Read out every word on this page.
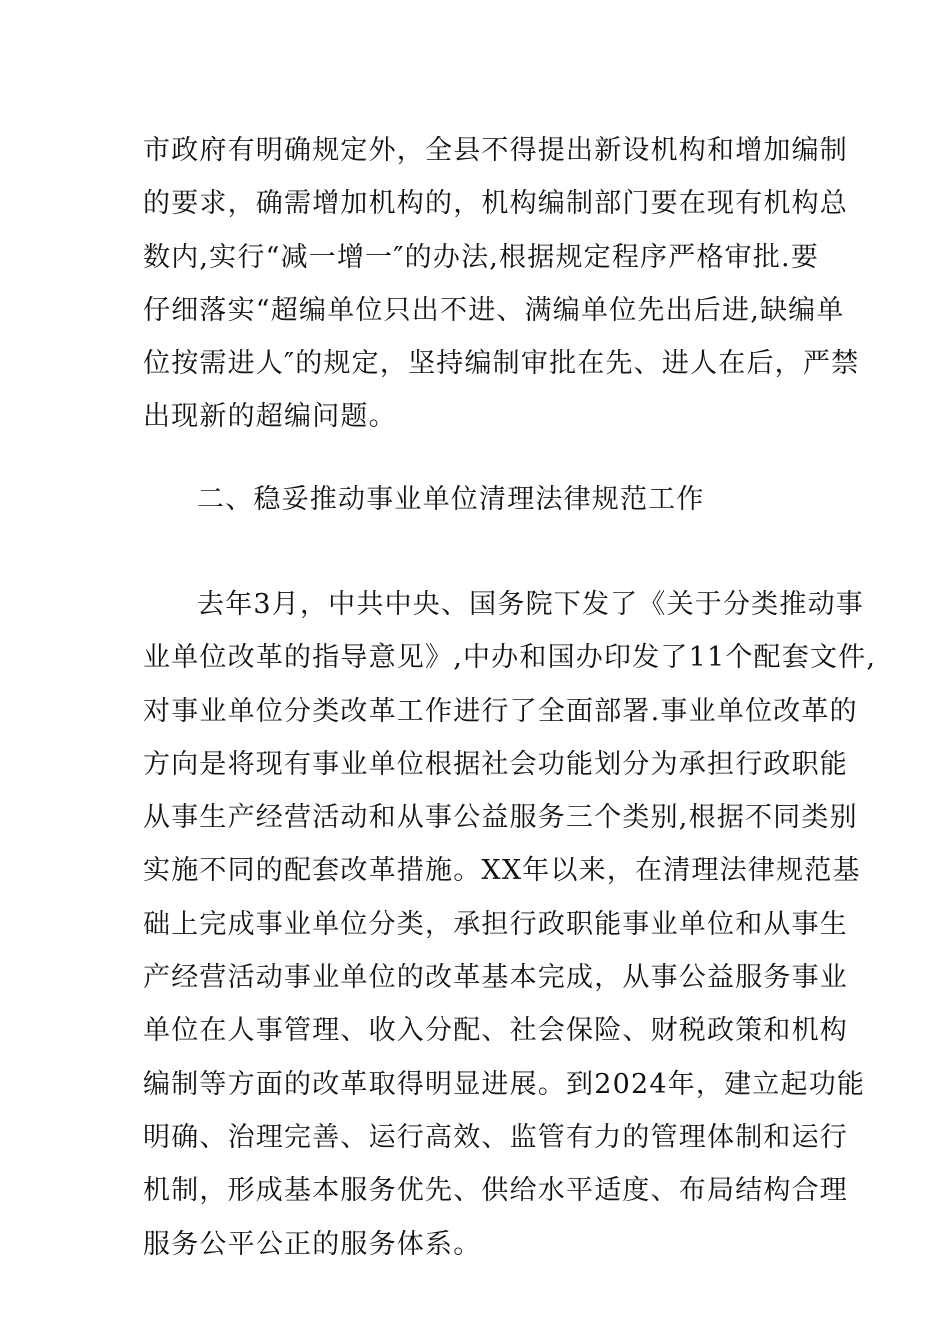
市政府有明确规定外，全县不得提出新设机构和增加编制
的要求，确需增加机构的，机构编制部门要在现有机构总
数内,实行“减一增一″的办法,根据规定程序严格审批.要
仔细落实“超编单位只出不进、满编单位先出后进,缺编单
位按需进人″的规定，坚持编制审批在先、进人在后，严禁
出现新的超编问题。
二、稳妥推动事业单位清理法律规范工作
去年3月，中共中央、国务院下发了《关于分类推动事
业单位改革的指导意见》,中办和国办印发了11个配套文件,
对事业单位分类改革工作进行了全面部署.事业单位改革的
方向是将现有事业单位根据社会功能划分为承担行政职能
从事生产经营活动和从事公益服务三个类别,根据不同类别
实施不同的配套改革措施。XX年以来，在清理法律规范基
础上完成事业单位分类，承担行政职能事业单位和从事生
产经营活动事业单位的改革基本完成，从事公益服务事业
单位在人事管理、收入分配、社会保险、财税政策和机构
编制等方面的改革取得明显进展。到2024年，建立起功能
明确、治理完善、运行高效、监管有力的管理体制和运行
机制，形成基本服务优先、供给水平适度、布局结构合理
服务公平公正的服务体系。
